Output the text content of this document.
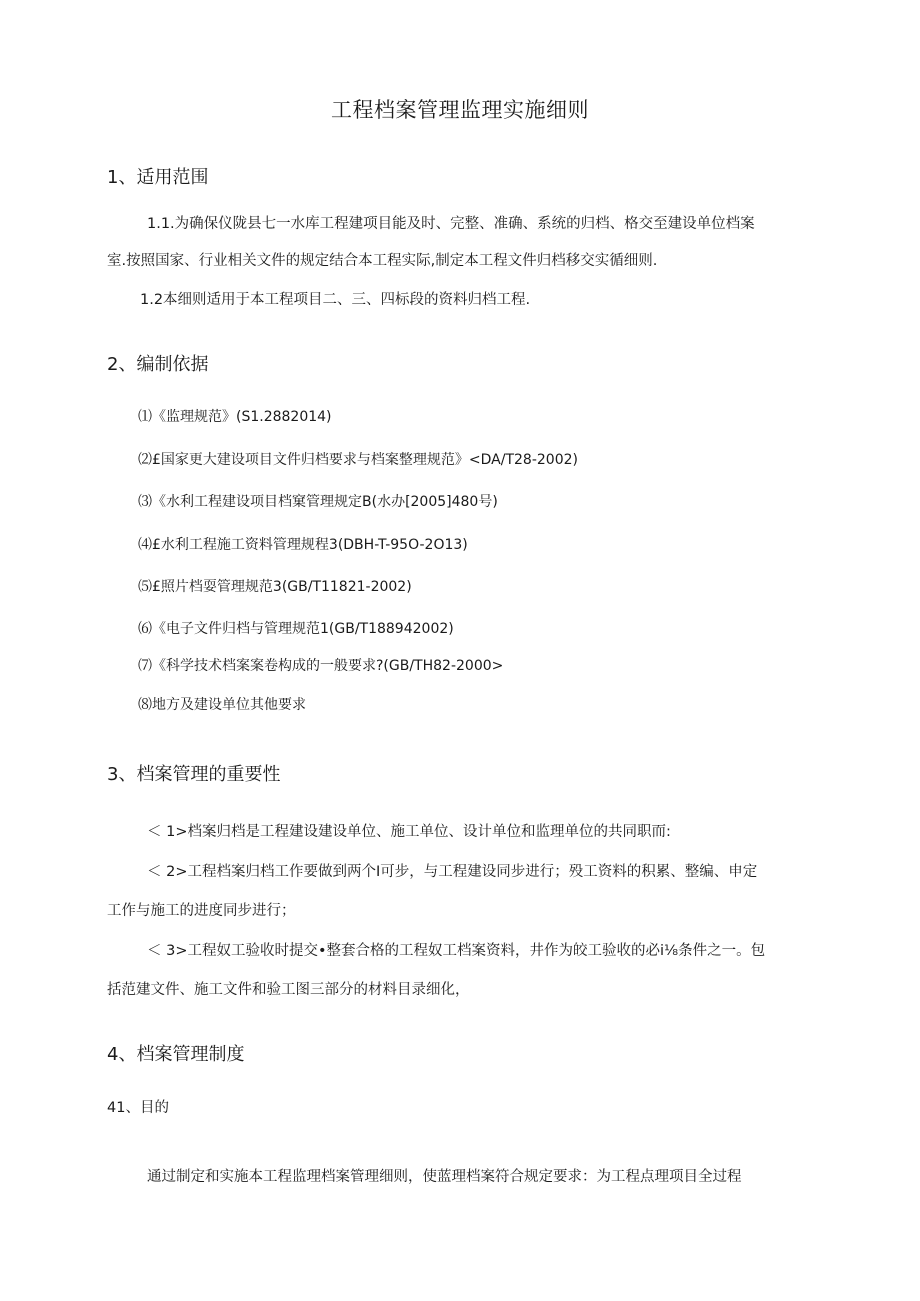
工程档案管理监理实施细则
1、适用范围
1.1.为确保仪陇县七一水库工程建项目能及时、完整、准确、系统的归档、格交至建设单位档案
室.按照国家、行业相关文件的规定结合本工程实际,制定本工程文件归档移交实循细则.
1.2本细则适用于本工程项目二、三、四标段的资料归档工程.
2、编制依据
⑴《监理规范》(S1.2882014)
⑵£国家更大建设项目文件归档要求与档案整理规范》<DA/T28-2002)
⑶《水利工程建设项目档窠管理规定B(水办[2005]480号)
⑷£水利工程施工资料管理规程3(DBH-T-95O-2O13)
⑸£照片档耍管理规范3(GB/T11821-2002)
⑹《电子文件归档与管理规范1(GB/T188942002)
⑺《科学技术档案案卷构成的一般要求?(GB/TH82-2000>
⑻地方及建设单位其他要求
3、档案管理的重要性
＜ 1>档案归档是工程建设建设单位、施工单位、设计单位和监理单位的共同职而:
＜ 2>工程档案归档工作要做到两个I可步，与工程建设同步进行；殁工资料的积累、整编、申定
工作与施工的进度同步进行；
＜ 3>工程奴工验收时提交•整套合格的工程奴工档案资料，井作为皎工验收的必i⅛条件之一。包
括范建文件、施工文件和验工图三部分的材料目录细化，
4、档案管理制度
41、目的
通过制定和实施本工程监理档案管理细则，使蓝理档案符合规定要求：为工程点理项目全过程
